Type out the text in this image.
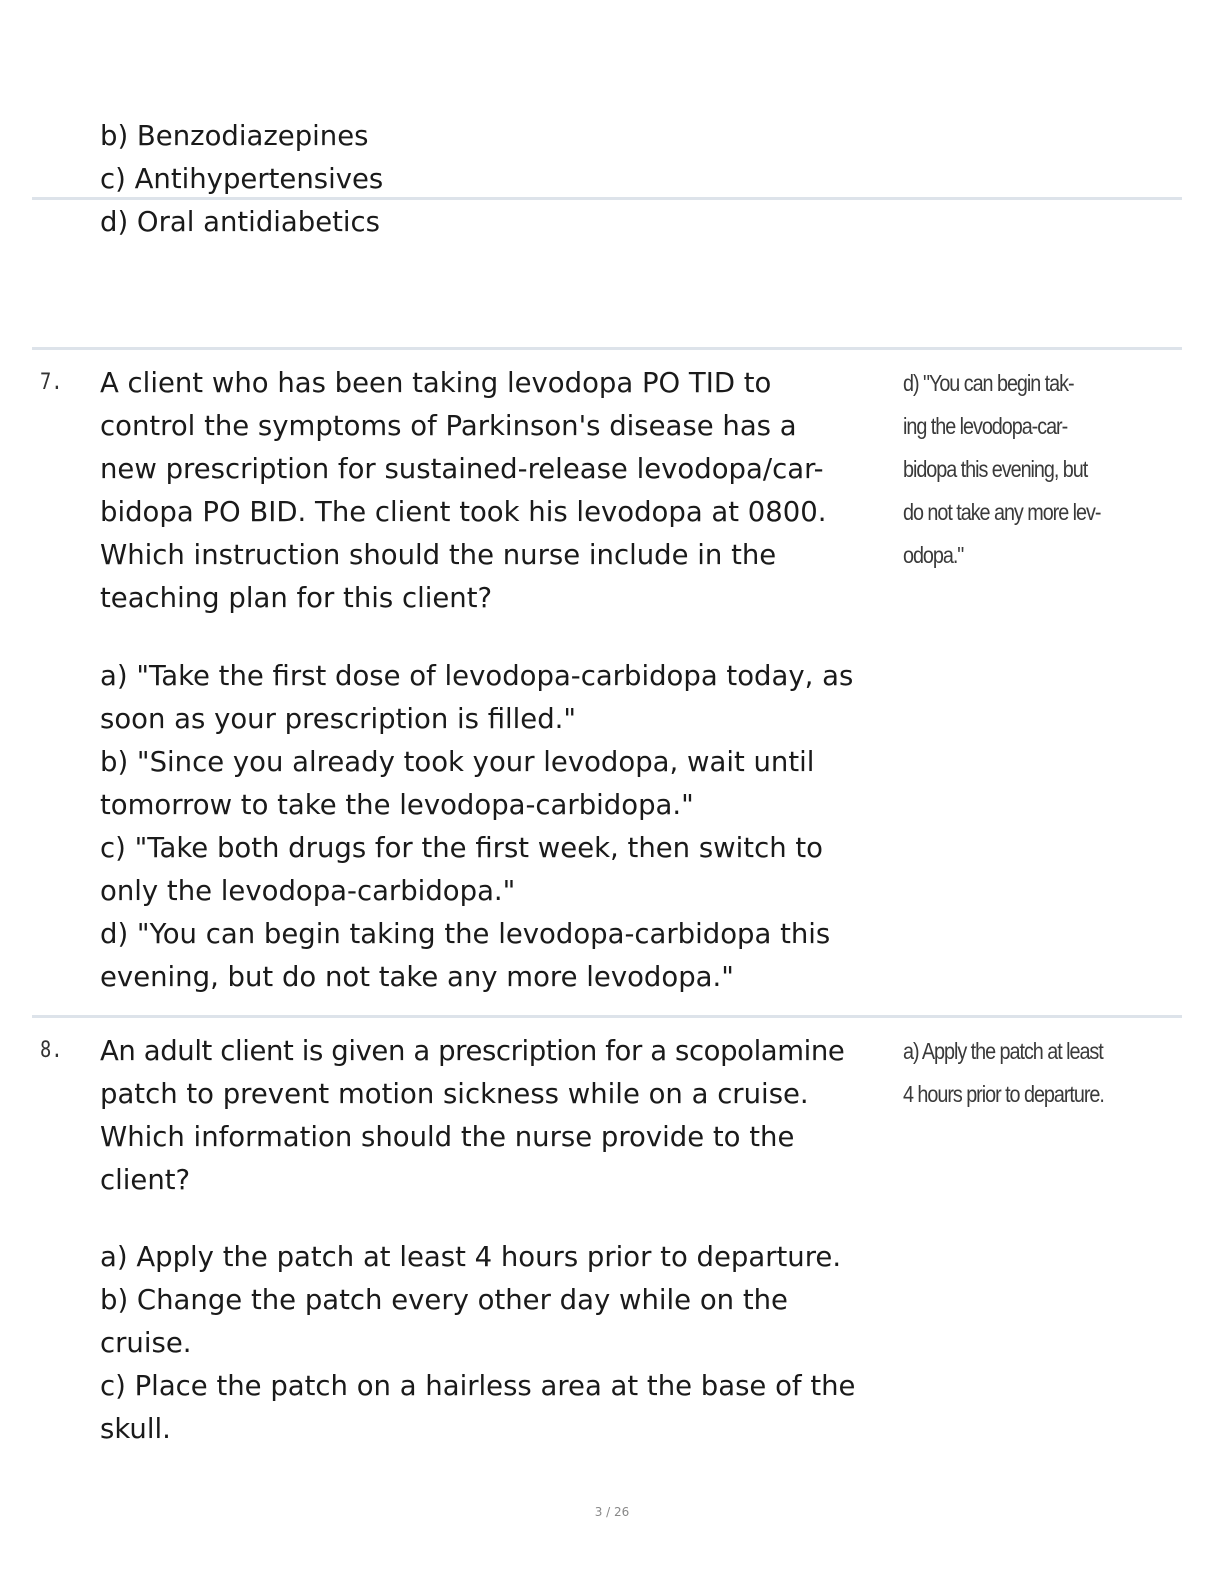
b) Benzodiazepines
c) Antihypertensives
d) Oral antidiabetics
7. A client who has been taking levodopa PO TID to
control the symptoms of Parkinson's disease has a
new prescription for sustained-release levodopa/car-
bidopa PO BID. The client took his levodopa at 0800.
Which instruction should the nurse include in the
teaching plan for this client?
a) "Take the first dose of levodopa-carbidopa today, as
soon as your prescription is filled."
b) "Since you already took your levodopa, wait until
tomorrow to take the levodopa-carbidopa."
c) "Take both drugs for the first week, then switch to
only the levodopa-carbidopa."
d) "You can begin taking the levodopa-carbidopa this
evening, but do not take any more levodopa."
d) "You can begin tak-
ing the levodopa-car-
bidopa this evening, but
do not take any more lev-
odopa."
8. An adult client is given a prescription for a scopolamine
patch to prevent motion sickness while on a cruise.
Which information should the nurse provide to the
client?
a) Apply the patch at least 4 hours prior to departure.
b) Change the patch every other day while on the
cruise.
c) Place the patch on a hairless area at the base of the
skull.
a) Apply the patch at least
4 hours prior to departure.
3 / 26
